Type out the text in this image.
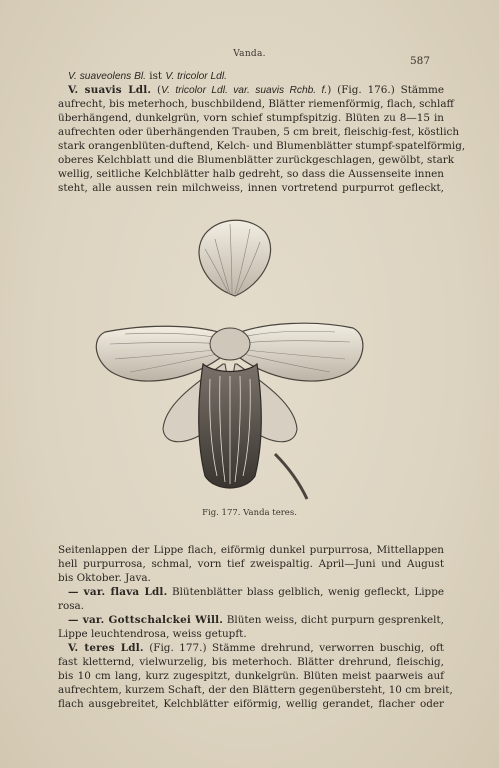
Vanda.
587
V. suaveolens Bl. ist V. tricolor Ldl.
V. suavis Ldl. (V. tricolor Ldl. var. suavis Rchb. f.) (Fig. 176.) Stämme
aufrecht, bis meterhoch, buschbildend, Blätter riemenförmig, flach, schlaff
überhängend, dunkelgrün, vorn schief stumpfspitzig. Blüten zu 8—15 in
aufrechten oder überhängenden Trauben, 5 cm breit, fleischig-fest, köstlich
stark orangenblüten-duftend, Kelch- und Blumenblätter stumpf-spatelförmig,
oberes Kelchblatt und die Blumenblätter zurückgeschlagen, gewölbt, stark
wellig, seitliche Kelchblätter halb gedreht, so dass die Aussenseite innen
steht, alle aussen rein milchweiss, innen vortretend purpurrot gefleckt,
Fig. 177. Vanda teres.
Seitenlappen der Lippe flach, eiförmig dunkel purpurrosa, Mittellappen
hell purpurrosa, schmal, vorn tief zweispaltig. April—Juni und August
bis Oktober. Java.
— var. flava Ldl. Blütenblätter blass gelblich, wenig gefleckt, Lippe
rosa.
— var. Gottschalckei Will. Blüten weiss, dicht purpurn gesprenkelt,
Lippe leuchtendrosa, weiss getupft.
V. teres Ldl. (Fig. 177.) Stämme drehrund, verworren buschig, oft
fast kletternd, vielwurzelig, bis meterhoch. Blätter drehrund, fleischig,
bis 10 cm lang, kurz zugespitzt, dunkelgrün. Blüten meist paarweis auf
aufrechtem, kurzem Schaft, der den Blättern gegenübersteht, 10 cm breit,
flach ausgebreitet, Kelchblätter eiförmig, wellig gerandet, flacher oder
